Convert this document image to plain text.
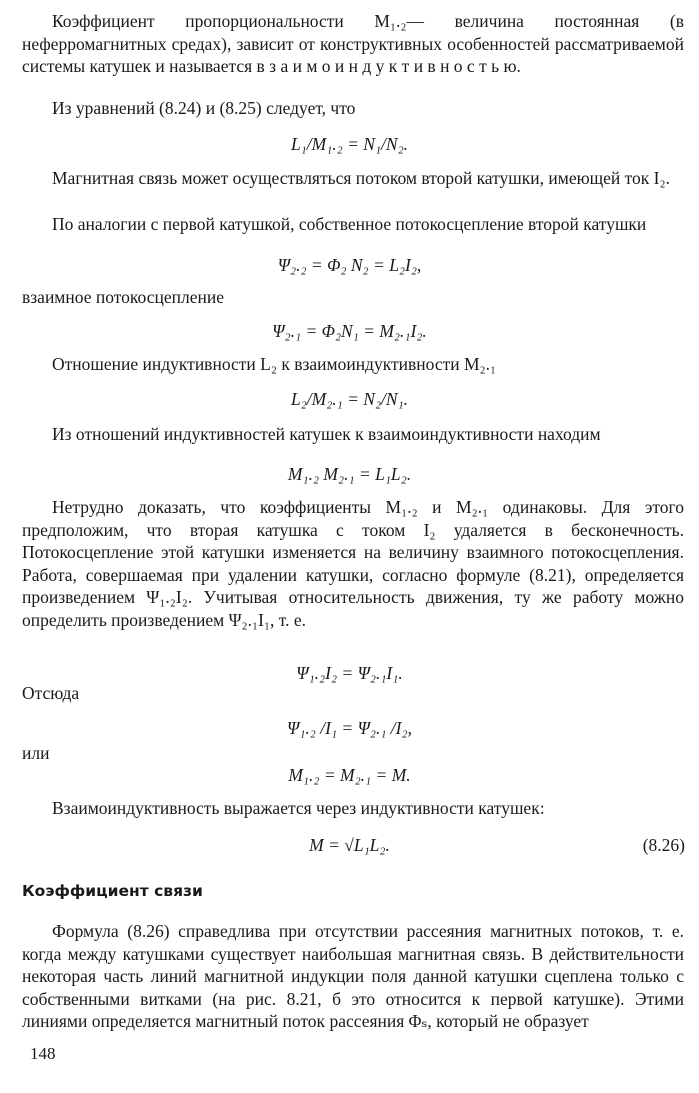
Коэффициент пропорциональности M₁.₂— величина постоянная (в неферромагнитных средах), зависит от конструктивных особенностей рассматриваемой системы катушек и называется в з а и м о и н д у к т и в н о с т ь ю.

Из уравнений (8.24) и (8.25) следует, что

L₁/M₁.₂ = N₁/N₂.

Магнитная связь может осуществляться потоком второй катушки, имеющей ток I₂.

По аналогии с первой катушкой, собственное потокосцепление второй катушки

Ψ₂.₂ = Φ₂ N₂ = L₂I₂,

взаимное потокосцепление

Ψ₂.₁ = Φ₂N₁ = M₂.₁I₂.

Отношение индуктивности L₂ к взаимоиндуктивности M₂.₁

L₂/M₂.₁ = N₂/N₁.

Из отношений индуктивностей катушек к взаимоиндуктивности находим

M₁.₂ M₂.₁ = L₁L₂.

Нетрудно доказать, что коэффициенты M₁.₂ и M₂.₁ одинаковы. Для этого предположим, что вторая катушка с током I₂ удаляется в бесконечность. Потокосцепление этой катушки изменяется на величину взаимного потокосцепления. Работа, совершаемая при удалении катушки, согласно формуле (8.21), определяется произведением Ψ₁.₂I₂. Учитывая относительность движения, ту же работу можно определить произведением Ψ₂.₁I₁, т. е.

Ψ₁.₂I₂ = Ψ₂.₁I₁.

Отсюда

Ψ₁.₂ /I₁ = Ψ₂.₁ /I₂,

или

M₁.₂ = M₂.₁ = M.

Взаимоиндуктивность выражается через индуктивности катушек:

M = √L₁L₂.	(8.26)
Коэффициент связи

Формула (8.26) справедлива при отсутствии рассеяния магнитных потоков, т. е. когда между катушками существует наибольшая магнитная связь. В действительности некоторая часть линий магнитной индукции поля данной катушки сцеплена только с собственными витками (на рис. 8.21, б это относится к первой катушке). Этими линиями определяется магнитный поток рассеяния Φₛ, который не образует

148
